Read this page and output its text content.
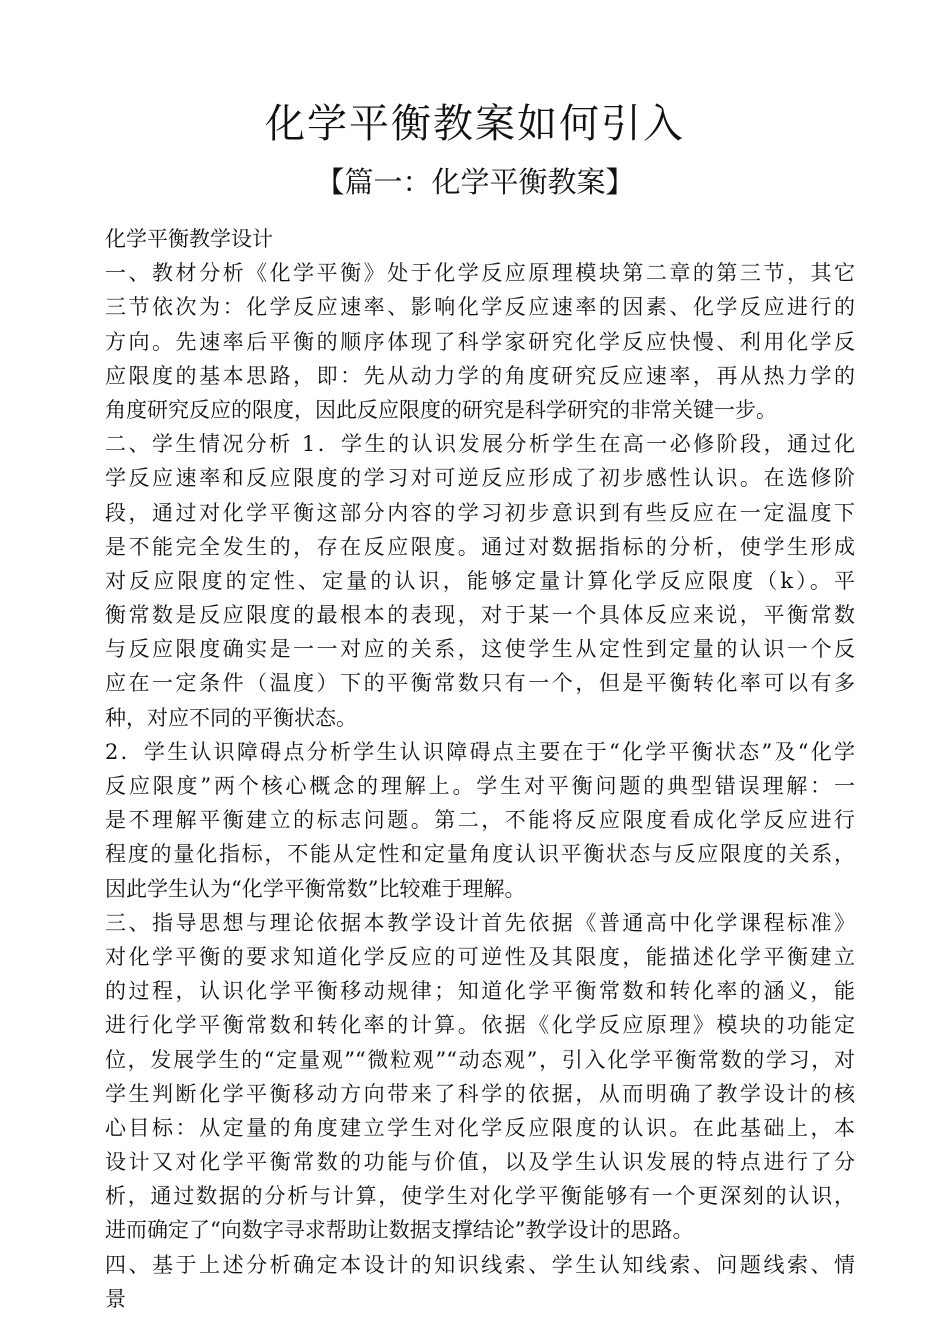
化学平衡教案如何引入
【篇一：化学平衡教案】
化学平衡教学设计
一、教材分析《化学平衡》处于化学反应原理模块第二章的第三节，其它
三节依次为：化学反应速率、影响化学反应速率的因素、化学反应进行的
方向。先速率后平衡的顺序体现了科学家研究化学反应快慢、利用化学反
应限度的基本思路，即：先从动力学的角度研究反应速率，再从热力学的
角度研究反应的限度，因此反应限度的研究是科学研究的非常关键一步。
二、学生情况分析 1．学生的认识发展分析学生在高一必修阶段，通过化
学反应速率和反应限度的学习对可逆反应形成了初步感性认识。在选修阶
段，通过对化学平衡这部分内容的学习初步意识到有些反应在一定温度下
是不能完全发生的，存在反应限度。通过对数据指标的分析，使学生形成
对反应限度的定性、定量的认识，能够定量计算化学反应限度（k）。平
衡常数是反应限度的最根本的表现，对于某一个具体反应来说，平衡常数
与反应限度确实是一一对应的关系，这使学生从定性到定量的认识一个反
应在一定条件（温度）下的平衡常数只有一个，但是平衡转化率可以有多
种，对应不同的平衡状态。
2．学生认识障碍点分析学生认识障碍点主要在于“化学平衡状态”及“化学
反应限度”两个核心概念的理解上。学生对平衡问题的典型错误理解：一
是不理解平衡建立的标志问题。第二，不能将反应限度看成化学反应进行
程度的量化指标，不能从定性和定量角度认识平衡状态与反应限度的关系，
因此学生认为“化学平衡常数”比较难于理解。
三、指导思想与理论依据本教学设计首先依据《普通高中化学课程标准》
对化学平衡的要求知道化学反应的可逆性及其限度，能描述化学平衡建立
的过程，认识化学平衡移动规律；知道化学平衡常数和转化率的涵义，能
进行化学平衡常数和转化率的计算。依据《化学反应原理》模块的功能定
位，发展学生的“定量观”“微粒观”“动态观”，引入化学平衡常数的学习，对
学生判断化学平衡移动方向带来了科学的依据，从而明确了教学设计的核
心目标：从定量的角度建立学生对化学反应限度的认识。在此基础上，本
设计又对化学平衡常数的功能与价值，以及学生认识发展的特点进行了分
析，通过数据的分析与计算，使学生对化学平衡能够有一个更深刻的认识，
进而确定了“向数字寻求帮助让数据支撑结论”教学设计的思路。
四、基于上述分析确定本设计的知识线索、学生认知线索、问题线索、情
景
